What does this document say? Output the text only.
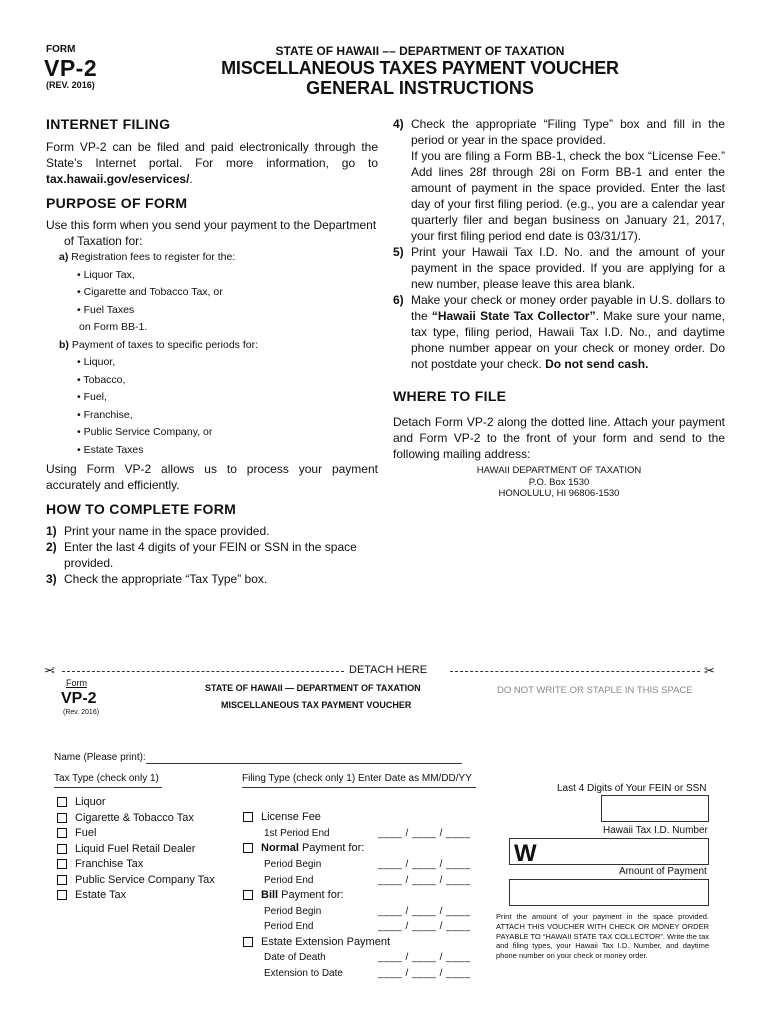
FORM
VP-2
(REV. 2016)
STATE OF HAWAII –– DEPARTMENT OF TAXATION
MISCELLANEOUS TAXES PAYMENT VOUCHER
GENERAL INSTRUCTIONS
INTERNET FILING
Form VP-2 can be filed and paid electronically through the State’s Internet portal. For more information, go to tax.hawaii.gov/eservices/.
PURPOSE OF FORM
Use this form when you send your payment to the Department
of Taxation for:
a) Registration fees to register for the:
• Liquor Tax,
• Cigarette and Tobacco Tax, or
• Fuel Taxes
on Form BB-1.
b) Payment of taxes to specific periods for:
• Liquor,
• Tobacco,
• Fuel,
• Franchise,
• Public Service Company, or
• Estate Taxes
Using Form VP-2 allows us to process your payment accurately and efficiently.
HOW TO COMPLETE FORM
1) Print your name in the space provided.
2) Enter the last 4 digits of your FEIN or SSN in the space provided.
3) Check the appropriate “Tax Type” box.
4) Check the appropriate “Filing Type” box and fill in the period or year in the space provided.
If you are filing a Form BB-1, check the box “License Fee.” Add lines 28f through 28i on Form BB-1 and enter the amount of payment in the space provided. Enter the last day of your first filing period. (e.g., you are a calendar year quarterly filer and began business on January 21, 2017, your first filing period end date is 03/31/17).
5) Print your Hawaii Tax I.D. No. and the amount of your payment in the space provided. If you are applying for a new number, please leave this area blank.
6) Make your check or money order payable in U.S. dollars to the “Hawaii State Tax Collector”. Make sure your name, tax type, filing period, Hawaii Tax I.D. No., and daytime phone number appear on your check or money order. Do not postdate your check. Do not send cash.
WHERE TO FILE
Detach Form VP-2 along the dotted line. Attach your payment and Form VP-2 to the front of your form and send to the following mailing address:
HAWAII DEPARTMENT OF TAXATION
P.O. Box 1530
HONOLULU, HI 96806-1530
✂	DETACH HERE	✂
Form
VP-2
(Rev. 2016)
STATE OF HAWAII — DEPARTMENT OF TAXATION
MISCELLANEOUS TAX PAYMENT VOUCHER
DO NOT WRITE OR STAPLE IN THIS SPACE
Name (Please print):
Tax Type (check only 1)	Filing Type (check only 1) Enter Date as MM/DD/YY
Liquor
Cigarette & Tobacco Tax
Fuel
Liquid Fuel Retail Dealer
Franchise Tax
Public Service Company Tax
Estate Tax
License Fee
1st Period End	____ / ____ / ____
Normal Payment for:
Period Begin	____ / ____ / ____
Period End	____ / ____ / ____
Bill Payment for:
Period Begin	____ / ____ / ____
Period End	____ / ____ / ____
Estate Extension Payment
Date of Death	____ / ____ / ____
Extension to Date	____ / ____ / ____
Last 4 Digits of Your FEIN or SSN
Hawaii Tax I.D. Number
W
Amount of Payment
Print the amount of your payment in the space provided. ATTACH THIS VOUCHER WITH CHECK OR MONEY ORDER PAYABLE TO “HAWAII STATE TAX COLLECTOR”. Write the tax and filing types, your Hawaii Tax I.D. Number, and daytime phone number on your check or money order.
